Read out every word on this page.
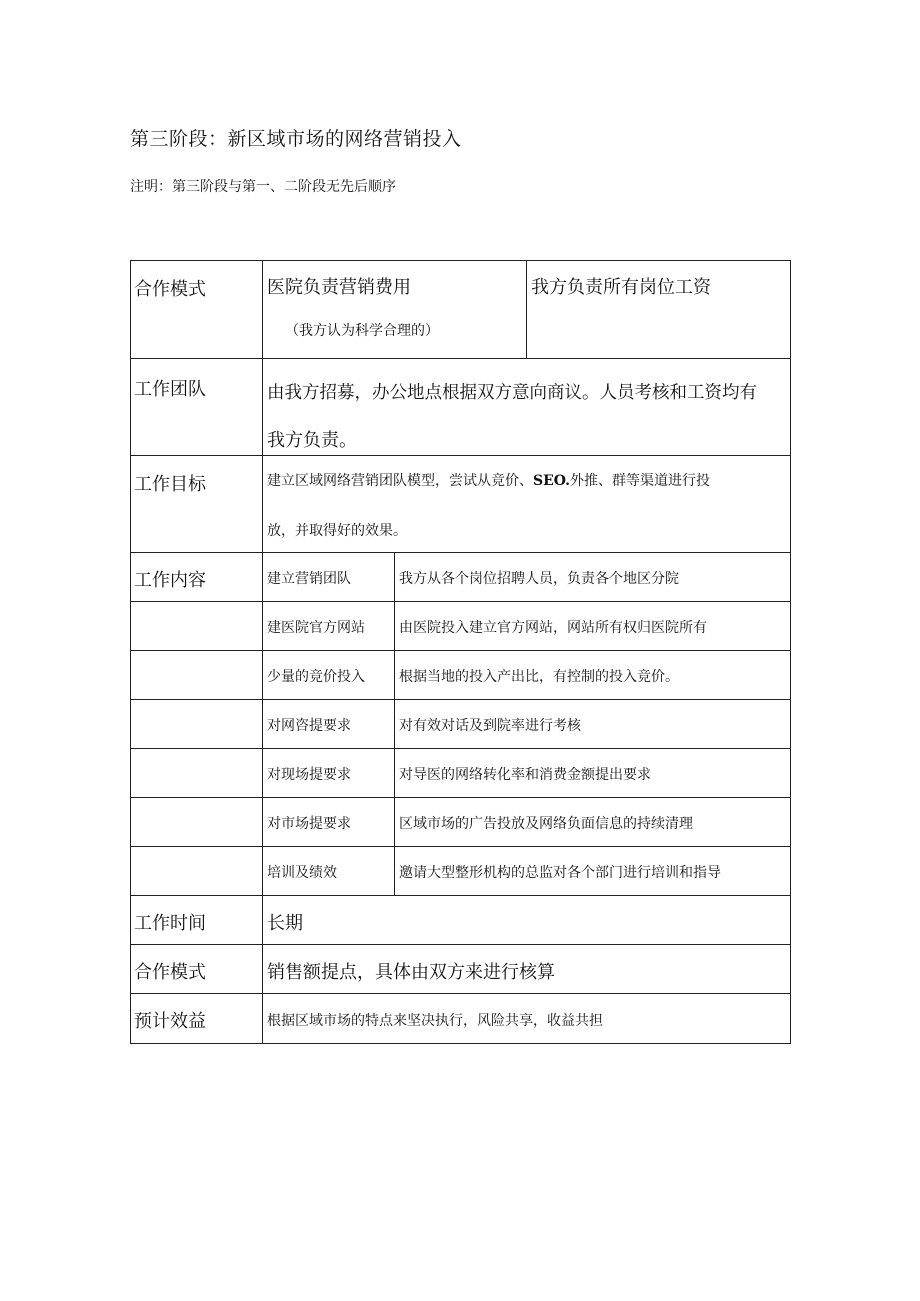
第三阶段：新区域市场的网络营销投入
注明：第三阶段与第一、二阶段无先后顺序
合作模式	医院负责营销费用
（我方认为科学合理的）		我方负责所有岗位工资

工作团队	由我方招募，办公地点根据双方意向商议。人员考核和工资均有
我方负责。		

工作目标	建立区域网络营销团队模型，尝试从竞价、SEO.外推、群等渠道进行投
放，并取得好的效果。		

工作内容	建立营销团队	我方从各个岗位招聘人员，负责各个地区分院	

	建医院官方网站	由医院投入建立官方网站，网站所有权归医院所有	

	少量的竞价投入	根据当地的投入产出比，有控制的投入竞价。	

	对网咨提要求	对有效对话及到院率进行考核	

	对现场提要求	对导医的网络转化率和消费金额提出要求	

	对市场提要求	区域市场的广告投放及网络负面信息的持续清理	

	培训及绩效	邀请大型整形机构的总监对各个部门进行培训和指导	

工作时间	长期		

合作模式	销售额提点，具体由双方来进行核算		

预计效益	根据区域市场的特点来坚决执行，风险共享，收益共担		
